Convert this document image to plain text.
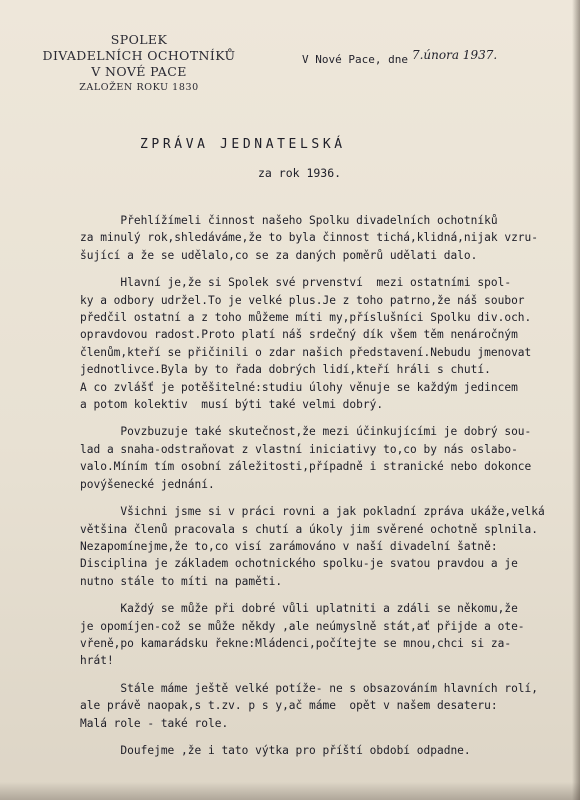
SPOLEK
DIVADELNÍCH OCHOTNÍKŮ
V NOVÉ PACE
ZALOŽEN ROKU 1830
V Nové Pace, dne 7.února 1937.
ZPRÁVA JEDNATELSKÁ
za rok 1936.
Přehlížímeli činnost našeho Spolku divadelních ochotníků
za minulý rok,shledáváme,že to byla činnost tichá,klidná,nijak vzru-
šující a že se udělalo,co se za daných poměrů udělati dalo.
Hlavní je,že si Spolek své prvenství  mezi ostatními spol-
ky a odbory udržel.To je velké plus.Je z toho patrno,že náš soubor
předčil ostatní a z toho můžeme míti my,příslušníci Spolku div.och.
opravdovou radost.Proto platí náš srdečný dík všem těm nenáročným
členům,kteří se přičinili o zdar našich představení.Nebudu jmenovat
jednotlivce.Byla by to řada dobrých lidí,kteří hráli s chutí.
A co zvlášť je potěšitelné:studiu úlohy věnuje se každým jedincem
a potom kolektiv  musí býti také velmi dobrý.
Povzbuzuje také skutečnost,že mezi účinkujícími je dobrý sou-
lad a snaha-odstraňovat z vlastní iniciativy to,co by nás oslabo-
valo.Míním tím osobní záležitosti,případně i stranické nebo dokonce
povýšenecké jednání.
Všichni jsme si v práci rovni a jak pokladní zpráva ukáže,velká
většina členů pracovala s chutí a úkoly jim svěrené ochotně splnila.
Nezapomínejme,že to,co visí zarámováno v naší divadelní šatně:
Disciplina je základem ochotnického spolku-je svatou pravdou a je
nutno stále to míti na paměti.
Každý se může při dobré vůli uplatniti a zdáli se někomu,že
je opomíjen-což se může někdy ,ale neúmyslně stát,ať přijde a ote-
vřeně,po kamarádsku řekne:Mládenci,počítejte se mnou,chci si za-
hrát!
Stále máme ještě velké potíže- ne s obsazováním hlavních rolí,
ale právě naopak,s t.zv. p s y,ač máme  opět v našem desateru:
Malá role - také role.
Doufejme ,že i tato výtka pro příští období odpadne.
